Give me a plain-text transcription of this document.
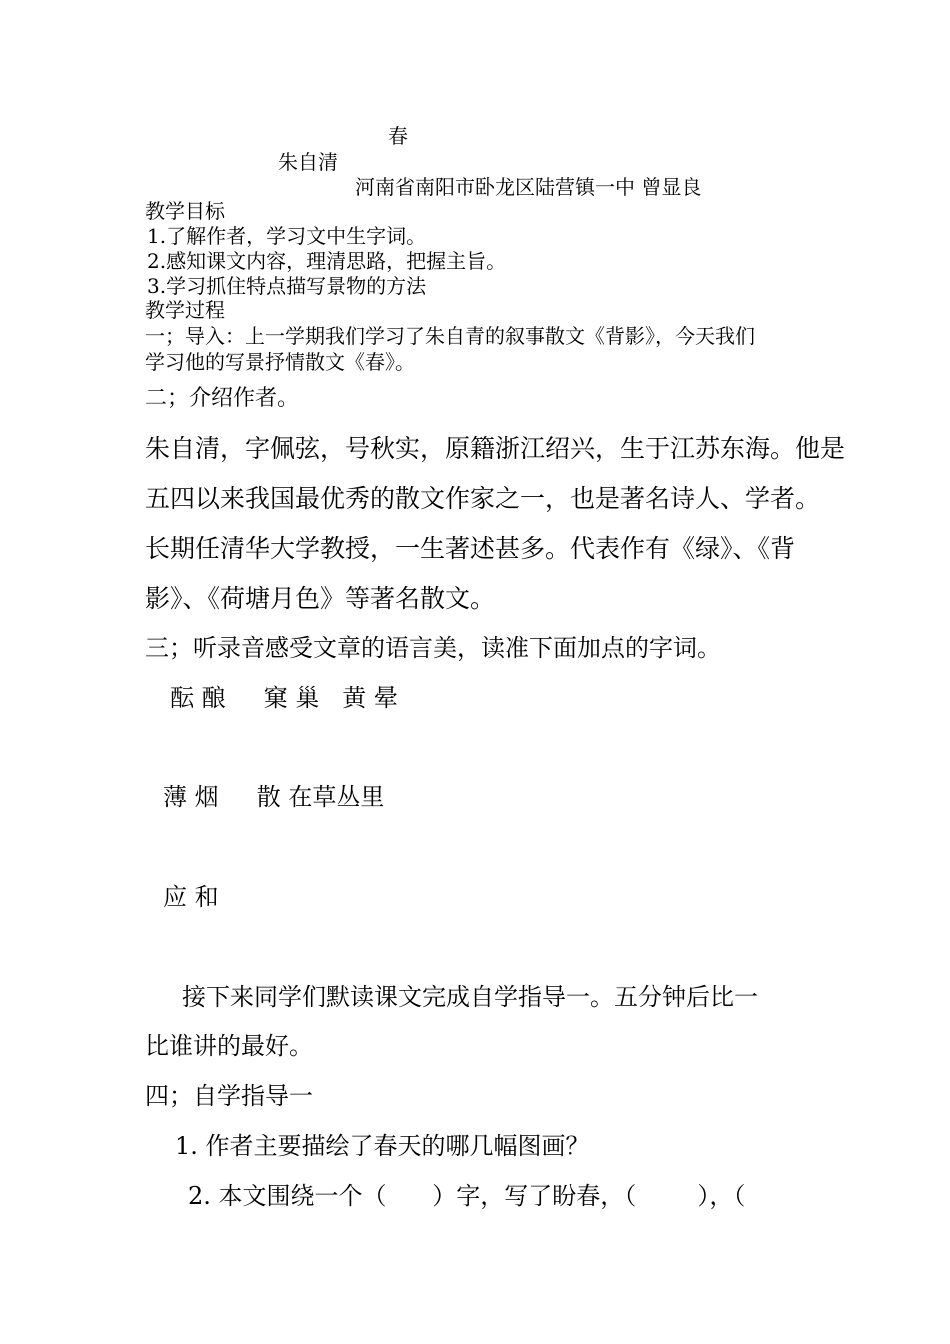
春
朱自清
河南省南阳市卧龙区陆营镇一中 曾显良
教学目标
1.了解作者，学习文中生字词。
2.感知课文内容，理清思路，把握主旨。
3.学习抓住特点描写景物的方法
教学过程
一；导入：上一学期我们学习了朱自青的叙事散文《背影》，今天我们
学习他的写景抒情散文《春》。
二；介绍作者。
朱自清，字佩弦，号秋实，原籍浙江绍兴，生于江苏东海。他是
五四以来我国最优秀的散文作家之一，也是著名诗人、学者。
长期任清华大学教授，一生著述甚多。代表作有《绿》、《背
影》、《荷塘月色》等著名散文。
三；听录音感受文章的语言美，读准下面加点的字词。
酝 酿     窠 巢   黄 晕
薄 烟     散 在草丛里
应 和
接下来同学们默读课文完成自学指导一。五分钟后比一
比谁讲的最好。
四；自学指导一
1. 作者主要描绘了春天的哪几幅图画？
2. 本文围绕一个（      ）字，写了盼春，（        ），（
